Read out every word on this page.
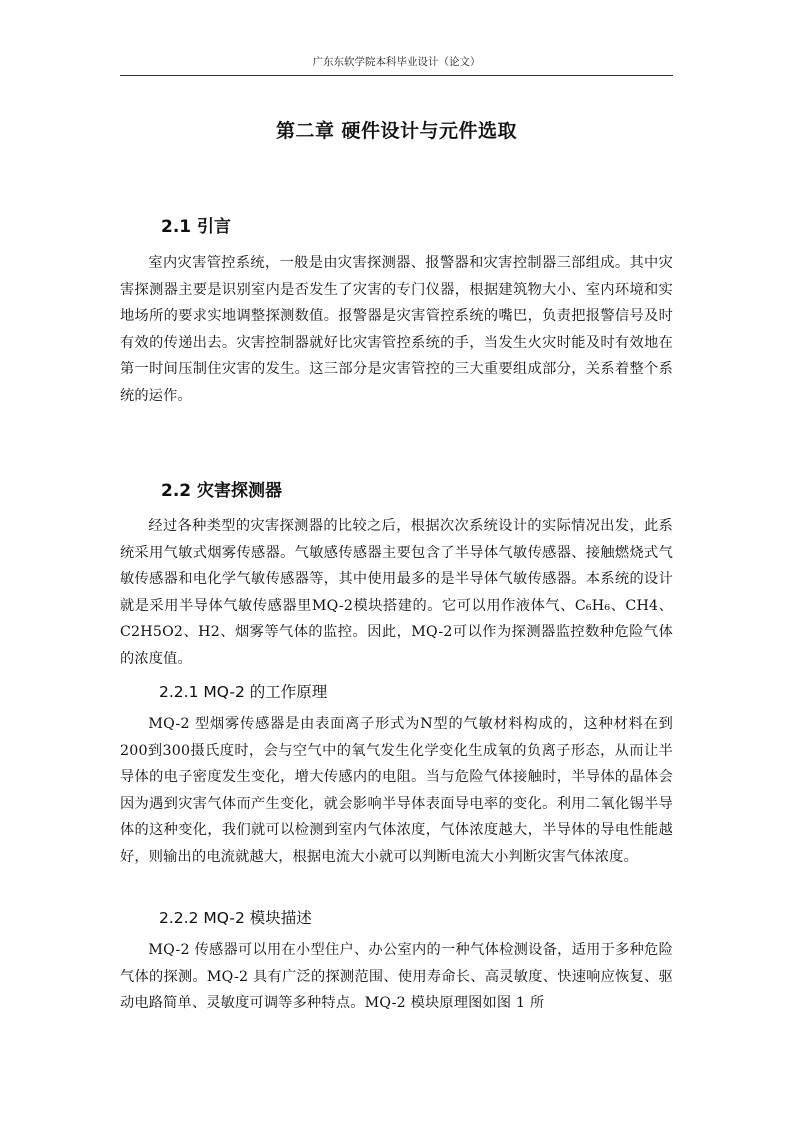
广东东软学院本科毕业设计（论文）
第二章 硬件设计与元件选取
2.1 引言
室内灾害管控系统，一般是由灾害探测器、报警器和灾害控制器三部组成。其中灾害探测器主要是识别室内是否发生了灾害的专门仪器，根据建筑物大小、室内环境和实地场所的要求实地调整探测数值。报警器是灾害管控系统的嘴巴，负责把报警信号及时有效的传递出去。灾害控制器就好比灾害管控系统的手，当发生火灾时能及时有效地在第一时间压制住灾害的发生。这三部分是灾害管控的三大重要组成部分，关系着整个系统的运作。
2.2 灾害探测器
经过各种类型的灾害探测器的比较之后，根据次次系统设计的实际情况出发，此系统采用气敏式烟雾传感器。气敏感传感器主要包含了半导体气敏传感器、接触燃烧式气敏传感器和电化学气敏传感器等，其中使用最多的是半导体气敏传感器。本系统的设计就是采用半导体气敏传感器里MQ-2模块搭建的。它可以用作液体气、C₆H₆、CH4、C2H5O2、H2、烟雾等气体的监控。因此，MQ-2可以作为探测器监控数种危险气体的浓度值。
2.2.1 MQ-2 的工作原理
MQ-2 型烟雾传感器是由表面离子形式为N型的气敏材料构成的，这种材料在到200到300摄氏度时，会与空气中的氧气发生化学变化生成氧的负离子形态，从而让半导体的电子密度发生变化，增大传感内的电阻。当与危险气体接触时，半导体的晶体会因为遇到灾害气体而产生变化，就会影响半导体表面导电率的变化。利用二氧化锡半导体的这种变化，我们就可以检测到室内气体浓度，气体浓度越大，半导体的导电性能越好，则输出的电流就越大，根据电流大小就可以判断电流大小判断灾害气体浓度。
2.2.2 MQ-2 模块描述
MQ-2 传感器可以用在小型住户、办公室内的一种气体检测设备，适用于多种危险气体的探测。MQ-2 具有广泛的探测范围、使用寿命长、高灵敏度、快速响应恢复、驱动电路简单、灵敏度可调等多种特点。MQ-2 模块原理图如图 1 所
